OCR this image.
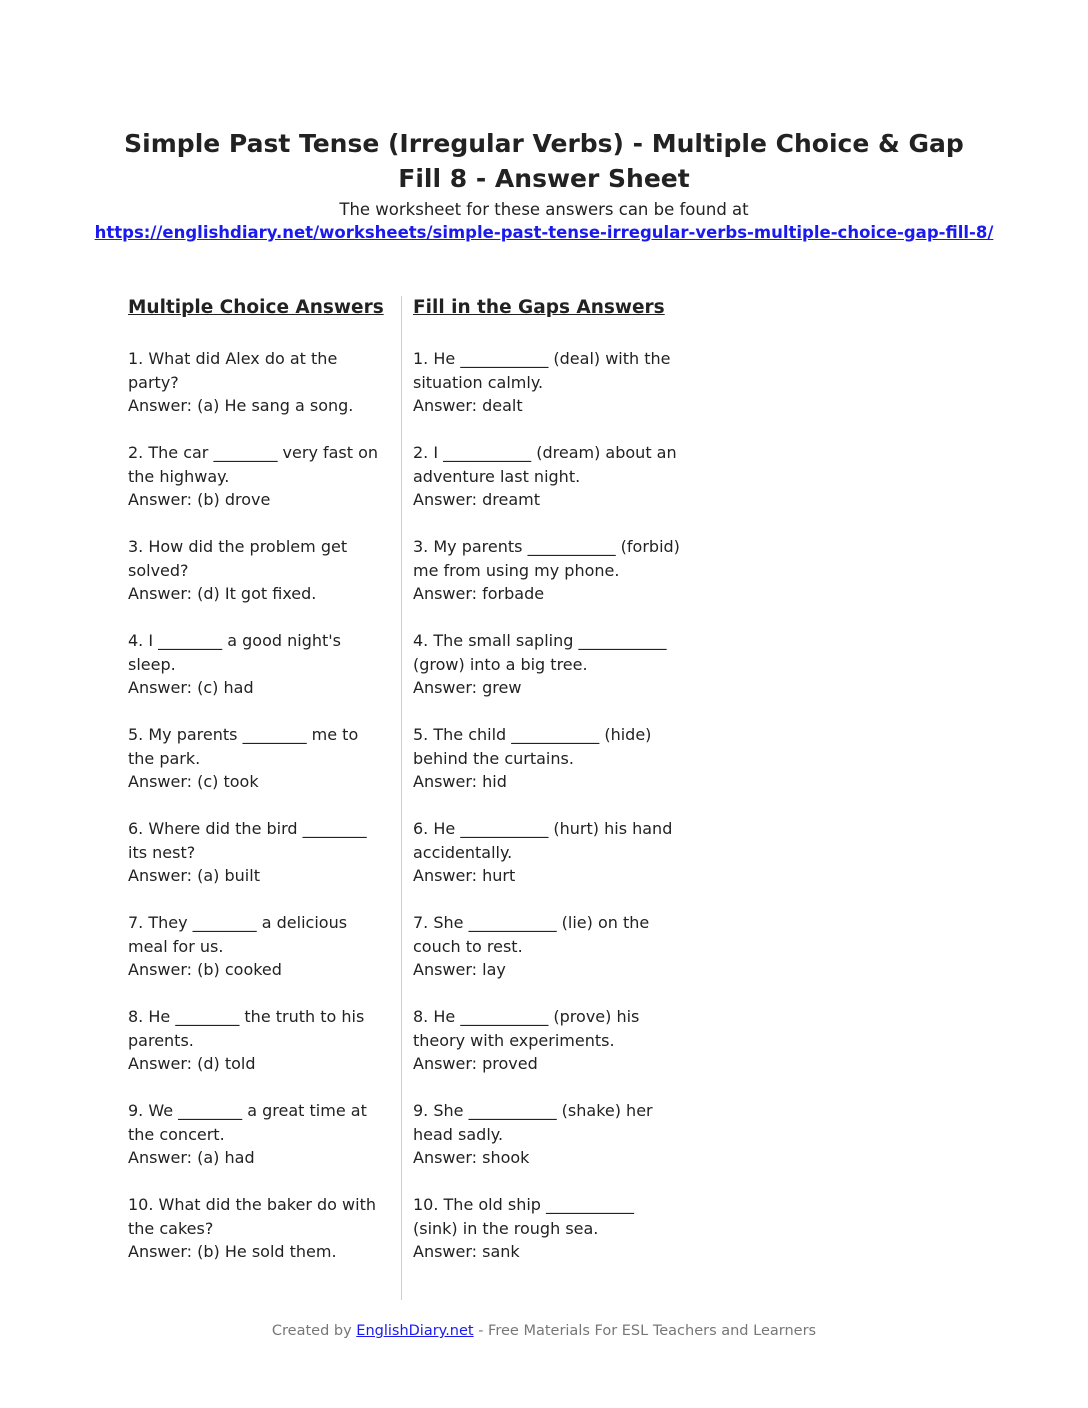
Simple Past Tense (Irregular Verbs) - Multiple Choice & Gap Fill 8 - Answer Sheet
The worksheet for these answers can be found at
https://englishdiary.net/worksheets/simple-past-tense-irregular-verbs-multiple-choice-gap-fill-8/
Multiple Choice Answers
1. What did Alex do at the party?
Answer: (a) He sang a song.
2. The car ________ very fast on the highway.
Answer: (b) drove
3. How did the problem get solved?
Answer: (d) It got fixed.
4. I ________ a good night's sleep.
Answer: (c) had
5. My parents ________ me to the park.
Answer: (c) took
6. Where did the bird ________ its nest?
Answer: (a) built
7. They ________ a delicious meal for us.
Answer: (b) cooked
8. He ________ the truth to his parents.
Answer: (d) told
9. We ________ a great time at the concert.
Answer: (a) had
10. What did the baker do with the cakes?
Answer: (b) He sold them.
Fill in the Gaps Answers
1. He ___________ (deal) with the situation calmly.
Answer: dealt
2. I ___________ (dream) about an adventure last night.
Answer: dreamt
3. My parents ___________ (forbid) me from using my phone.
Answer: forbade
4. The small sapling ___________ (grow) into a big tree.
Answer: grew
5. The child ___________ (hide) behind the curtains.
Answer: hid
6. He ___________ (hurt) his hand accidentally.
Answer: hurt
7. She ___________ (lie) on the couch to rest.
Answer: lay
8. He ___________ (prove) his theory with experiments.
Answer: proved
9. She ___________ (shake) her head sadly.
Answer: shook
10. The old ship ___________ (sink) in the rough sea.
Answer: sank
Created by EnglishDiary.net - Free Materials For ESL Teachers and Learners
